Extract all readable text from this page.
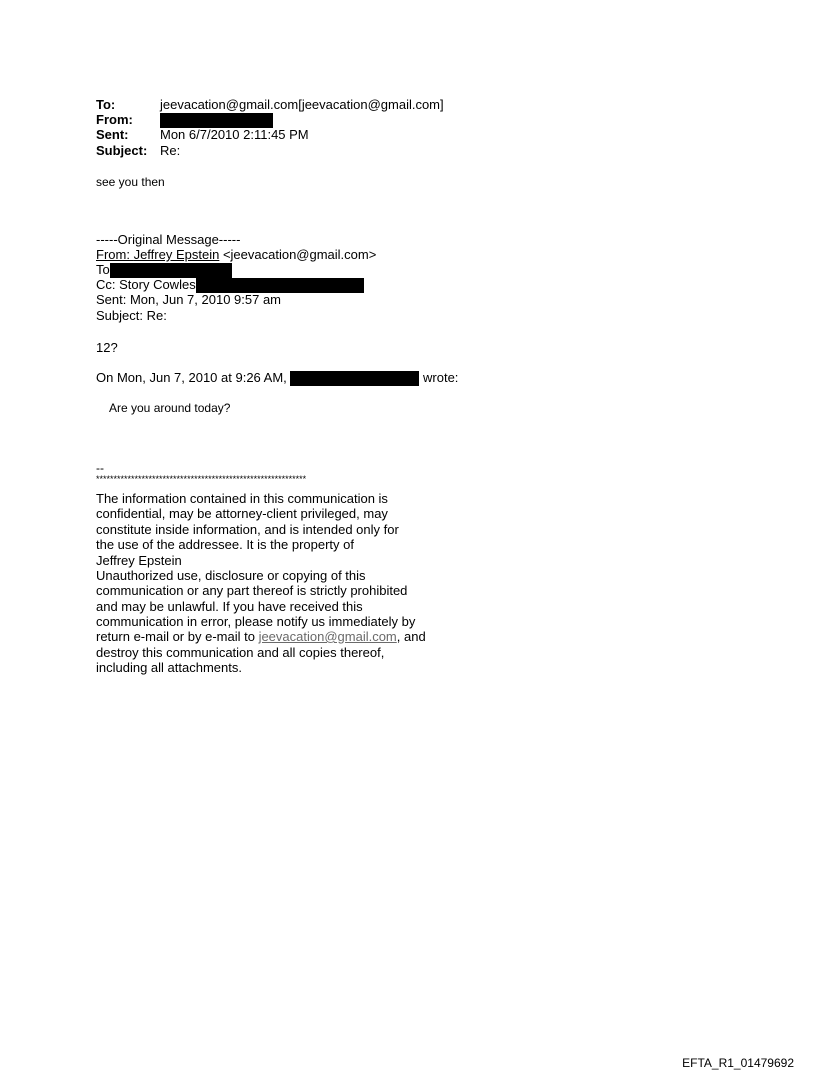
To:	jeevacation@gmail.com[jeevacation@gmail.com]
From:
Sent:	Mon 6/7/2010 2:11:45 PM
Subject: Re:
see you then
-----Original Message-----
From: Jeffrey Epstein <jeevacation@gmail.com>
To
Cc: Story Cowles
Sent: Mon, Jun 7, 2010 9:57 am
Subject: Re:
12?
On Mon, Jun 7, 2010 at 9:26 AM,	wrote:
Are you around today?
--
************************************************************
The information contained in this communication is
confidential, may be attorney-client privileged, may
constitute inside information, and is intended only for
the use of the addressee. It is the property of
Jeffrey Epstein
Unauthorized use, disclosure or copying of this
communication or any part thereof is strictly prohibited
and may be unlawful. If you have received this
communication in error, please notify us immediately by
return e-mail or by e-mail to jeevacation@gmail.com, and
destroy this communication and all copies thereof,
including all attachments.
EFTA_R1_01479692
